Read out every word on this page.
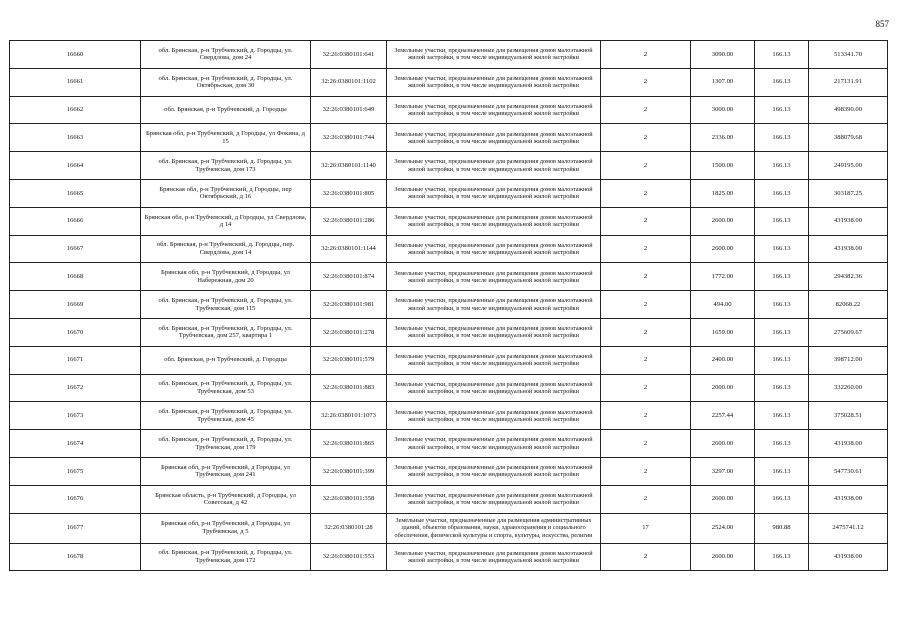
857
16660	обл. Брянская, р-н Трубчевский, д. Городцы, ул. Свердлова, дом 24	32:26:0380101:641	Земельные участки, предназначенные для размещения домов малоэтажной жилой застройки, в том числе индивидуальной жилой застройки	2	3090.00	166.13	513341.70
16661	обл. Брянская, р-н Трубчевский, д. Городцы, ул. Октябрьская, дом 30	32:26:0380101:1102	Земельные участки, предназначенные для размещения домов малоэтажной жилой застройки, в том числе индивидуальной жилой застройки	2	1307.00	166.13	217131.91
16662	обл. Брянская, р-н Трубчевский, д. Городцы	32:26:0380101:649	Земельные участки, предназначенные для размещения домов малоэтажной жилой застройки, в том числе индивидуальной жилой застройки	2	3000.00	166.13	498390.00
16663	Брянская обл, р-н Трубчевский, д Городцы, ул Фокина, д 15	32:26:0380101:744	Земельные участки, предназначенные для размещения домов малоэтажной жилой застройки, в том числе индивидуальной жилой застройки	2	2336.00	166.13	388079.68
16664	обл. Брянская, р-н Трубчевский, д. Городцы, ул. Трубчевская, дом 173	32:26:0380101:1140	Земельные участки, предназначенные для размещения домов малоэтажной жилой застройки, в том числе индивидуальной жилой застройки	2	1500.00	166.13	249195.00
16665	Брянская обл, р-н Трубчевский, д Городцы, пер Октябрьский, д 16	32:26:0380101:805	Земельные участки, предназначенные для размещения домов малоэтажной жилой застройки, в том числе индивидуальной жилой застройки	2	1825.00	166.13	303187.25
16666	Брянская обл, р-н Трубчевский, д Городцы, ул Свердлова, д 14	32:26:0380101:286	Земельные участки, предназначенные для размещения домов малоэтажной жилой застройки, в том числе индивидуальной жилой застройки	2	2600.00	166.13	431938.00
16667	обл. Брянская, р-н Трубчевский, д. Городцы, пер. Свердлова, дом 14	32:26:0380101:1144	Земельные участки, предназначенные для размещения домов малоэтажной жилой застройки, в том числе индивидуальной жилой застройки	2	2600.00	166.13	431938.00
16668	Брянская обл, р-н Трубчевский, д Городцы, ул Набережная, дом 20	32:26:0380101:874	Земельные участки, предназначенные для размещения домов малоэтажной жилой застройки, в том числе индивидуальной жилой застройки	2	1772.00	166.13	294382.36
16669	обл. Брянская, р-н Трубчевский, д. Городцы, ул. Трубчевская, дом 115	32:26:0380101:981	Земельные участки, предназначенные для размещения домов малоэтажной жилой застройки, в том числе индивидуальной жилой застройки	2	494.00	166.13	82068.22
16670	обл. Брянская, р-н Трубчевский, д. Городцы, ул. Трубчевская, дом 257, квартира 1	32:26:0380101:278	Земельные участки, предназначенные для размещения домов малоэтажной жилой застройки, в том числе индивидуальной жилой застройки	2	1659.00	166.13	275609.67
16671	обл. Брянская, р-н Трубчевский, д. Городцы	32:26:0380101:579	Земельные участки, предназначенные для размещения домов малоэтажной жилой застройки, в том числе индивидуальной жилой застройки	2	2400.00	166.13	398712.00
16672	обл. Брянская, р-н Трубчевский, д. Городцы, ул. Трубчевская, дом 53	32:26:0380101:883	Земельные участки, предназначенные для размещения домов малоэтажной жилой застройки, в том числе индивидуальной жилой застройки	2	2000.00	166.13	332260.00
16673	обл. Брянская, р-н Трубчевский, д. Городцы, ул. Трубчевская, дом 45	32:26:0380101:1073	Земельные участки, предназначенные для размещения домов малоэтажной жилой застройки, в том числе индивидуальной жилой застройки	2	2257.44	166.13	375028.51
16674	обл. Брянская, р-н Трубчевский, д. Городцы, ул. Трубчевская, дом 179	32:26:0380101:865	Земельные участки, предназначенные для размещения домов малоэтажной жилой застройки, в том числе индивидуальной жилой застройки	2	2600.00	166.13	431938.00
16675	Брянская обл, р-н Трубчевский, д Городцы, ул Трубчевская, дом 241	32:26:0380101:399	Земельные участки, предназначенные для размещения домов малоэтажной жилой застройки, в том числе индивидуальной жилой застройки	2	3297.00	166.13	547730.61
16676	Брянская область, р-н Трубчевский, д Городцы, ул Советская, д 42	32:26:0380101:358	Земельные участки, предназначенные для размещения домов малоэтажной жилой застройки, в том числе индивидуальной жилой застройки	2	2600.00	166.13	431938.00
16677	Брянская обл, р-н Трубчевский, д Городцы, ул Трубчевская, д 5	32:26:0380101:28	Земельные участки, предназначенные для размещения административных зданий, объектов образования, науки, здравоохранения и социального обеспечения, физической культуры и спорта, культуры, искусства, религии	17	2524.00	980.88	2475741.12
16678	обл. Брянская, р-н Трубчевский, д. Городцы, ул. Трубчевская, дом 172	32:26:0380101:553	Земельные участки, предназначенные для размещения домов малоэтажной жилой застройки, в том числе индивидуальной жилой застройки	2	2600.00	166.13	431938.00
